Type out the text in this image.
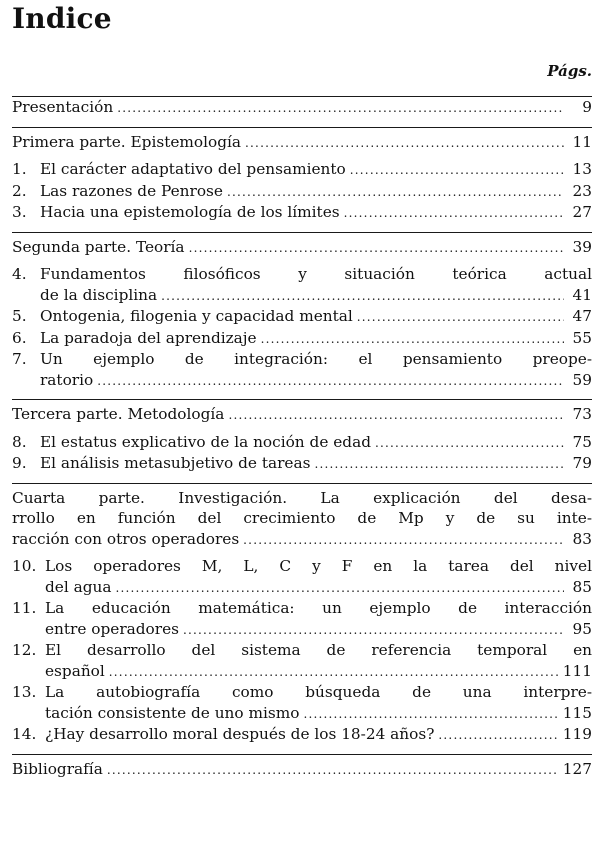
Indice
Págs.
Presentación .....	9
Primera parte. Epistemología .....	11
1. El carácter adaptativo del pensamiento .....	13
2. Las razones de Penrose .....	23
3. Hacia una epistemología de los límites .....	27
Segunda parte. Teoría .....	39
4. Fundamentos filosóficos y situación teórica actual
de la disciplina .....	41
5. Ontogenia, filogenia y capacidad mental .....	47
6. La paradoja del aprendizaje .....	55
7. Un ejemplo de integración: el pensamiento preope-
ratorio .....	59
Tercera parte. Metodología .....	73
8. El estatus explicativo de la noción de edad .....	75
9. El análisis metasubjetivo de tareas .....	79
Cuarta parte. Investigación. La explicación del desa-
rrollo en función del crecimiento de Mp y de su inte-
racción con otros operadores .....	83
10. Los operadores M, L, C y F en la tarea del nivel
del agua .....	85
11. La educación matemática: un ejemplo de interacción
entre operadores .....	95
12. El desarrollo del sistema de referencia temporal en
español .....	111
13. La autobiografía como búsqueda de una interpre-
tación consistente de uno mismo .....	115
14. ¿Hay desarrollo moral después de los 18-24 años? .....	119
Bibliografía .....	127
